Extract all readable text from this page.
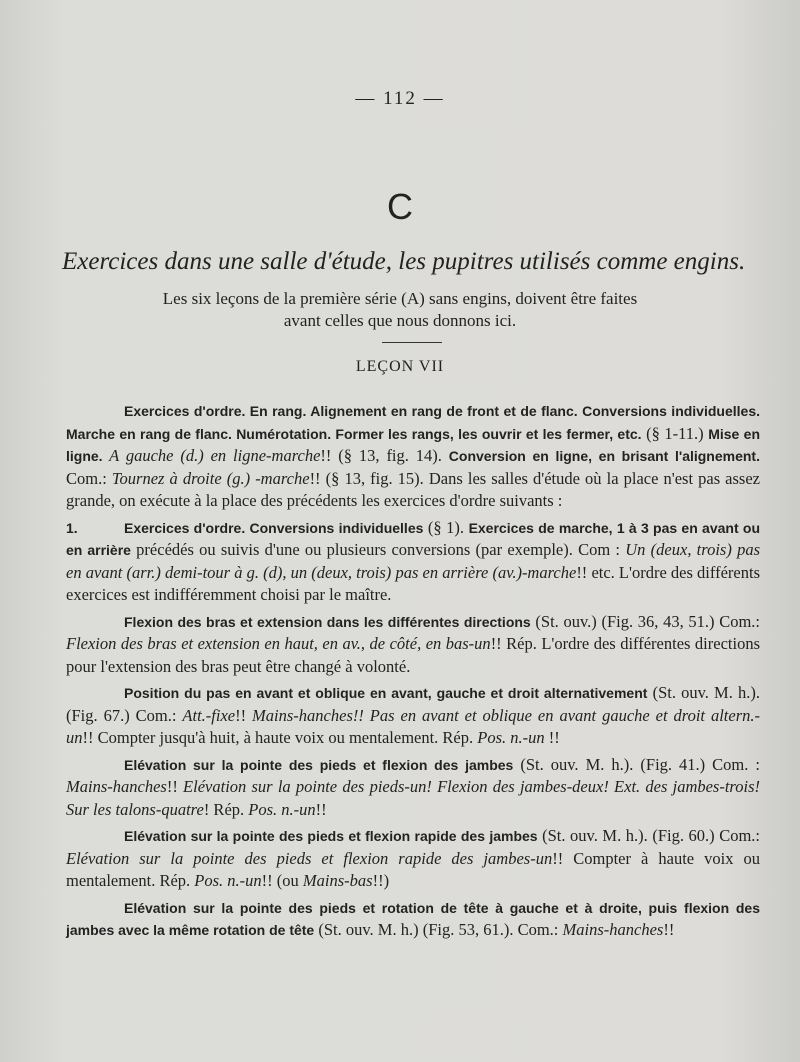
— 112 —
C
Exercices dans une salle d'étude, les pupitres utilisés comme engins.
Les six leçons de la première série (A) sans engins, doivent être faites
avant celles que nous donnons ici.
LEÇON VII

Exercices d'ordre. En rang. Alignement en rang de front et de flanc. Conversions individuelles. Marche en rang de flanc. Numérotation. Former les rangs, les ouvrir et les fermer, etc. (§ 1-11.) Mise en ligne. A gauche (d.) en ligne-marche!! (§ 13, fig. 14). Conversion en ligne, en brisant l'alignement. Com.: Tournez à droite (g.) -marche!! (§ 13, fig. 15). Dans les salles d'étude où la place n'est pas assez grande, on exécute à la place des précédents les exercices d'ordre suivants :

1.	Exercices d'ordre. Conversions individuelles (§ 1). Exercices de marche, 1 à 3 pas en avant ou en arrière précédés ou suivis d'une ou plusieurs conversions (par exemple). Com : Un (deux, trois) pas en avant (arr.) demi-tour à g. (d), un (deux, trois) pas en arrière (av.)-marche!! etc. L'ordre des différents exercices est indifféremment choisi par le maître.

Flexion des bras et extension dans les différentes directions (St. ouv.) (Fig. 36, 43, 51.) Com.: Flexion des bras et extension en haut, en av., de côté, en bas-un!! Rép. L'ordre des différentes directions pour l'extension des bras peut être changé à volonté.

Position du pas en avant et oblique en avant, gauche et droit alternativement (St. ouv. M. h.). (Fig. 67.) Com.: Att.-fixe!! Mains-hanches!! Pas en avant et oblique en avant gauche et droit altern.-un!! Compter jusqu'à huit, à haute voix ou mentalement. Rép. Pos. n.-un !!

Elévation sur la pointe des pieds et flexion des jambes (St. ouv. M. h.). (Fig. 41.) Com. : Mains-hanches!! Elévation sur la pointe des pieds-un! Flexion des jambes-deux! Ext. des jambes-trois! Sur les talons-quatre! Rép. Pos. n.-un!!

Elévation sur la pointe des pieds et flexion rapide des jambes (St. ouv. M. h.). (Fig. 60.) Com.: Elévation sur la pointe des pieds et flexion rapide des jambes-un!! Compter à haute voix ou mentalement. Rép. Pos. n.-un!! (ou Mains-bas!!)

Elévation sur la pointe des pieds et rotation de tête à gauche et à droite, puis flexion des jambes avec la même rotation de tête (St. ouv. M. h.) (Fig. 53, 61.). Com.: Mains-hanches!!
